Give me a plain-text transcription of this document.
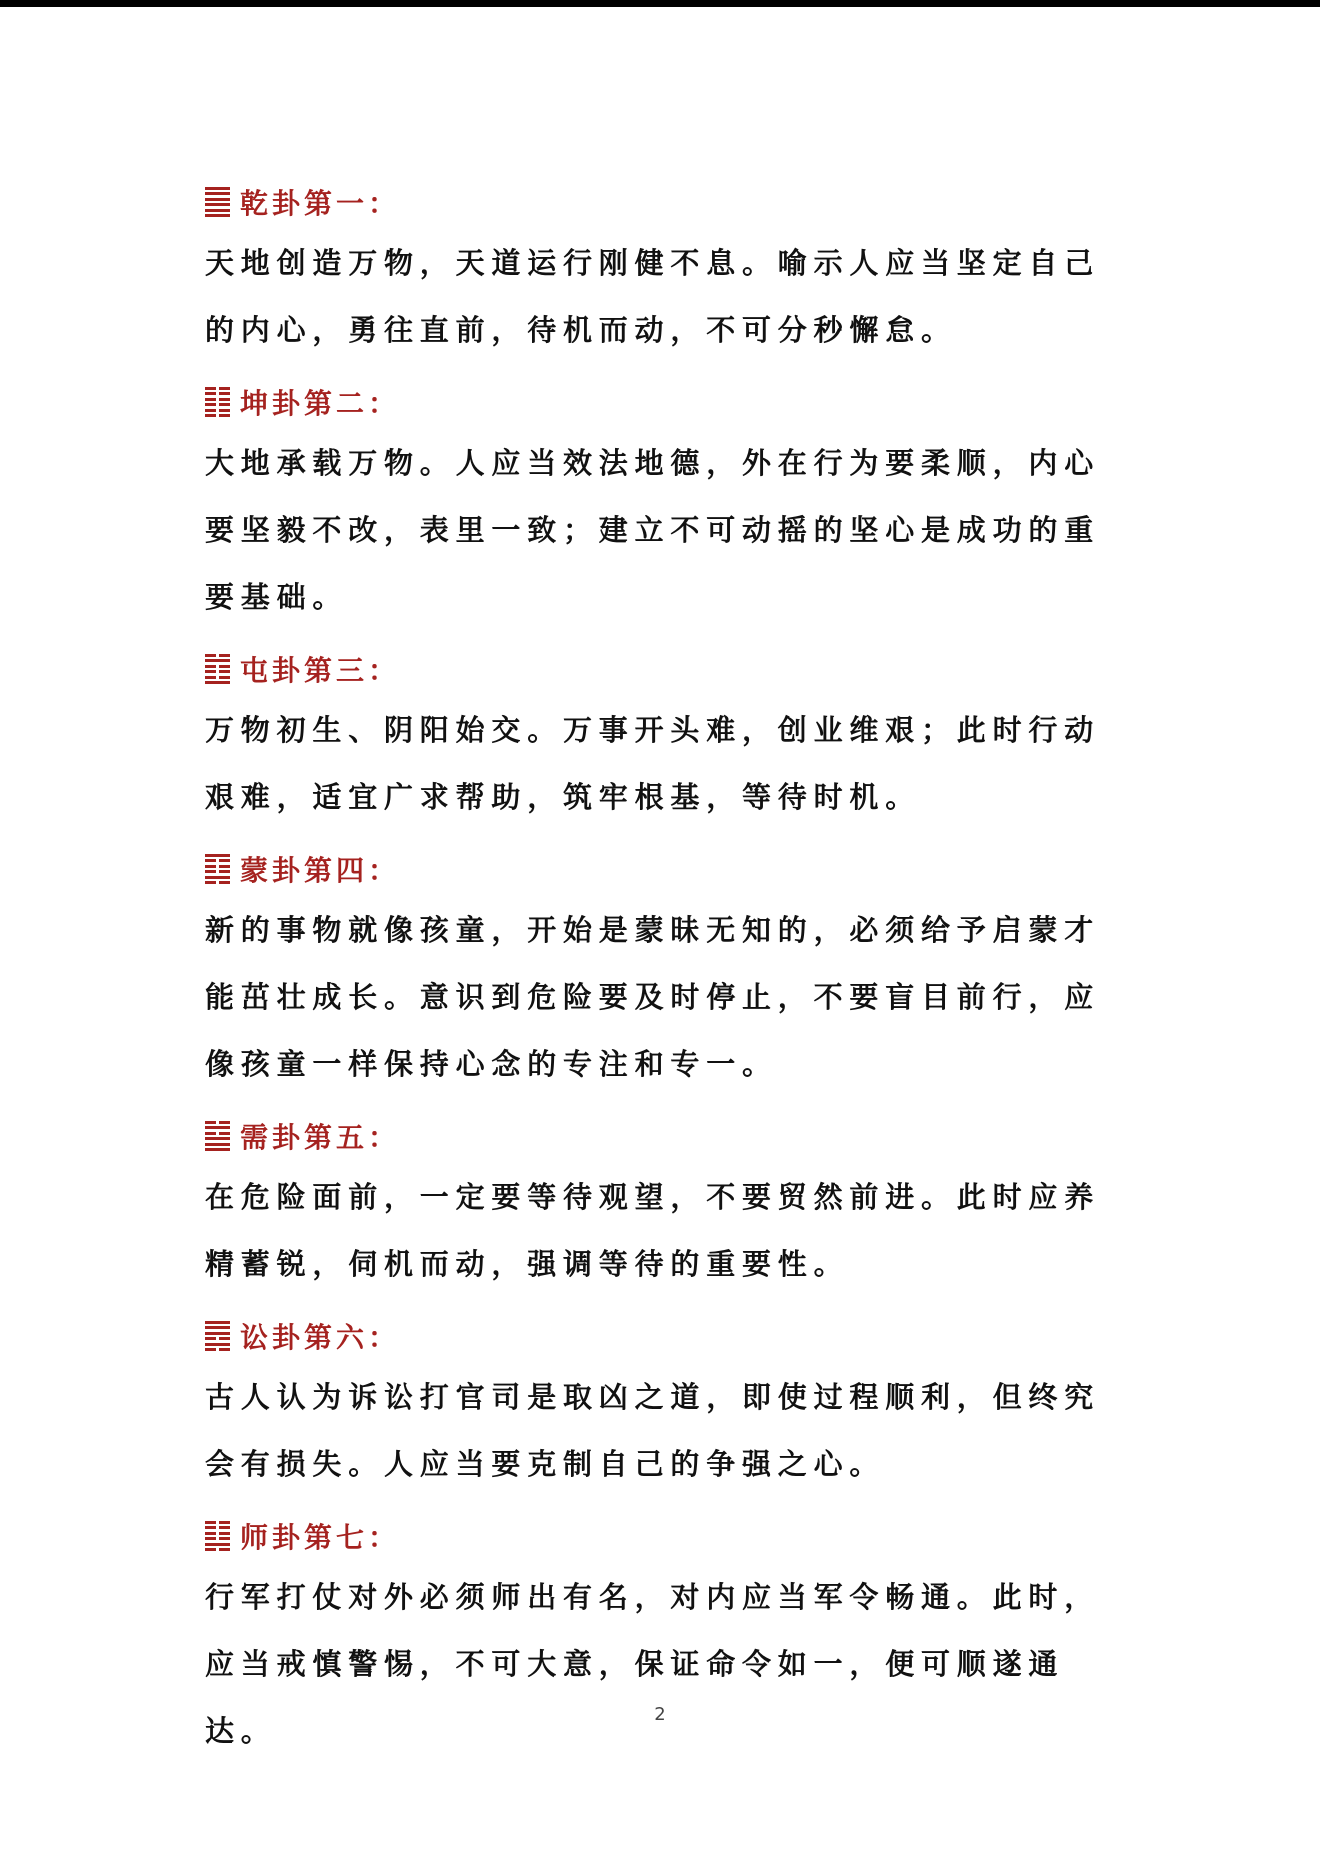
乾卦第一：

天地创造万物，天道运行刚健不息。喻示人应当坚定自己的内心，勇往直前，待机而动，不可分秒懈怠。

坤卦第二：

大地承载万物。人应当效法地德，外在行为要柔顺，内心要坚毅不改，表里一致；建立不可动摇的坚心是成功的重要基础。

屯卦第三：

万物初生、阴阳始交。万事开头难，创业维艰；此时行动艰难，适宜广求帮助，筑牢根基，等待时机。

蒙卦第四：

新的事物就像孩童，开始是蒙昧无知的，必须给予启蒙才能茁壮成长。意识到危险要及时停止，不要盲目前行，应像孩童一样保持心念的专注和专一。

需卦第五：

在危险面前，一定要等待观望，不要贸然前进。此时应养精蓄锐，伺机而动，强调等待的重要性。

讼卦第六：

古人认为诉讼打官司是取凶之道，即使过程顺利，但终究会有损失。人应当要克制自己的争强之心。

师卦第七：

行军打仗对外必须师出有名，对内应当军令畅通。此时，应当戒慎警惕，不可大意，保证命令如一，便可顺遂通达。	2
